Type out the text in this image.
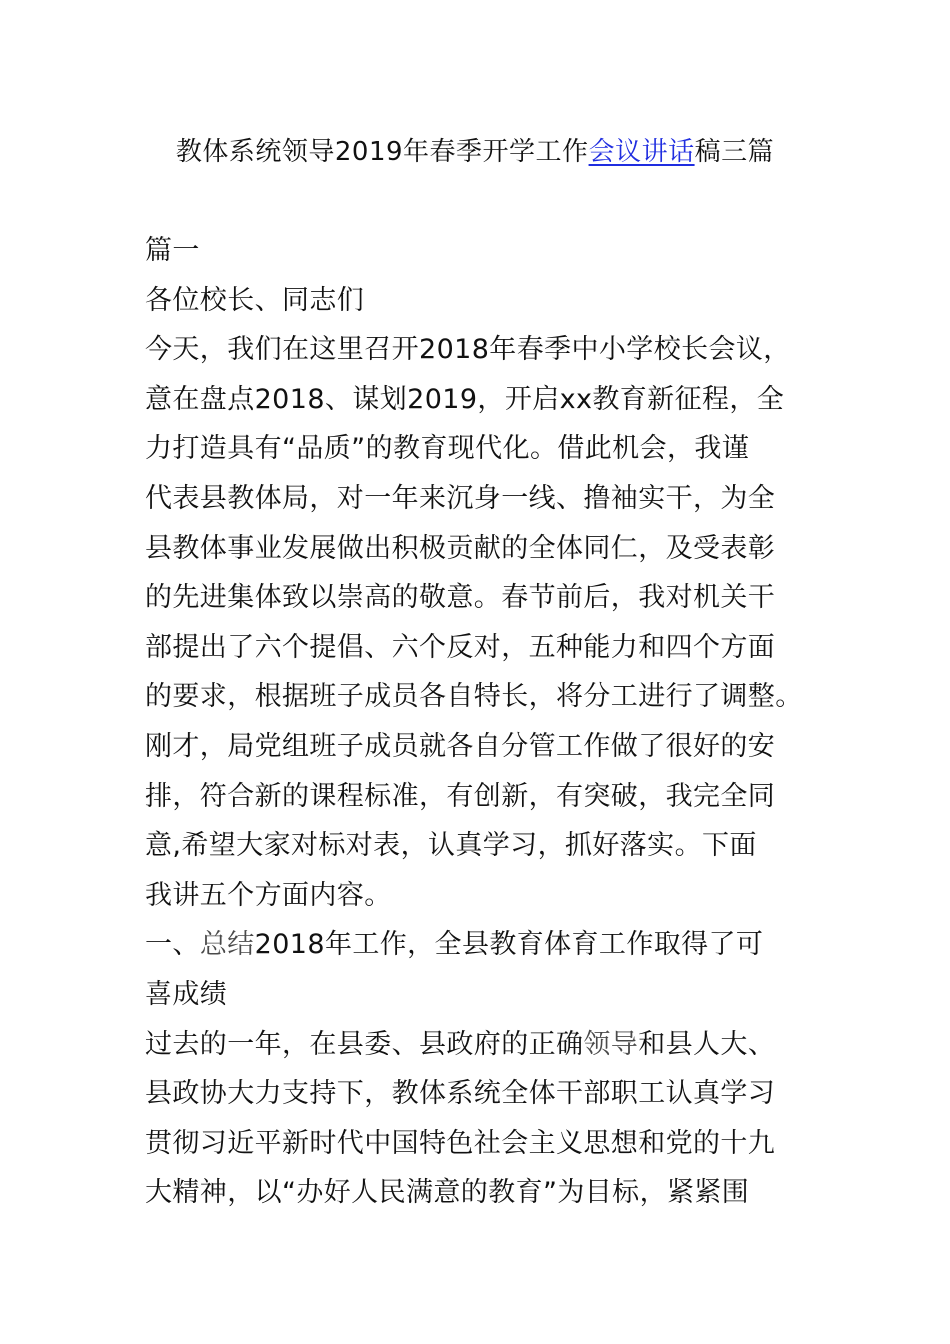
教体系统领导2019年春季开学工作会议讲话稿三篇
篇一
各位校长、同志们
今天，我们在这里召开2018年春季中小学校长会议，
意在盘点2018、谋划2019，开启xx教育新征程，全
力打造具有“品质”的教育现代化。借此机会，我谨
代表县教体局，对一年来沉身一线、撸袖实干，为全
县教体事业发展做出积极贡献的全体同仁，及受表彰
的先进集体致以崇高的敬意。春节前后，我对机关干
部提出了六个提倡、六个反对，五种能力和四个方面
的要求，根据班子成员各自特长，将分工进行了调整。
刚才，局党组班子成员就各自分管工作做了很好的安
排，符合新的课程标准，有创新，有突破，我完全同
意,希望大家对标对表，认真学习，抓好落实。下面
我讲五个方面内容。
一、总结2018年工作，全县教育体育工作取得了可
喜成绩
过去的一年，在县委、县政府的正确领导和县人大、
县政协大力支持下，教体系统全体干部职工认真学习
贯彻习近平新时代中国特色社会主义思想和党的十九
大精神，以“办好人民满意的教育”为目标，紧紧围
